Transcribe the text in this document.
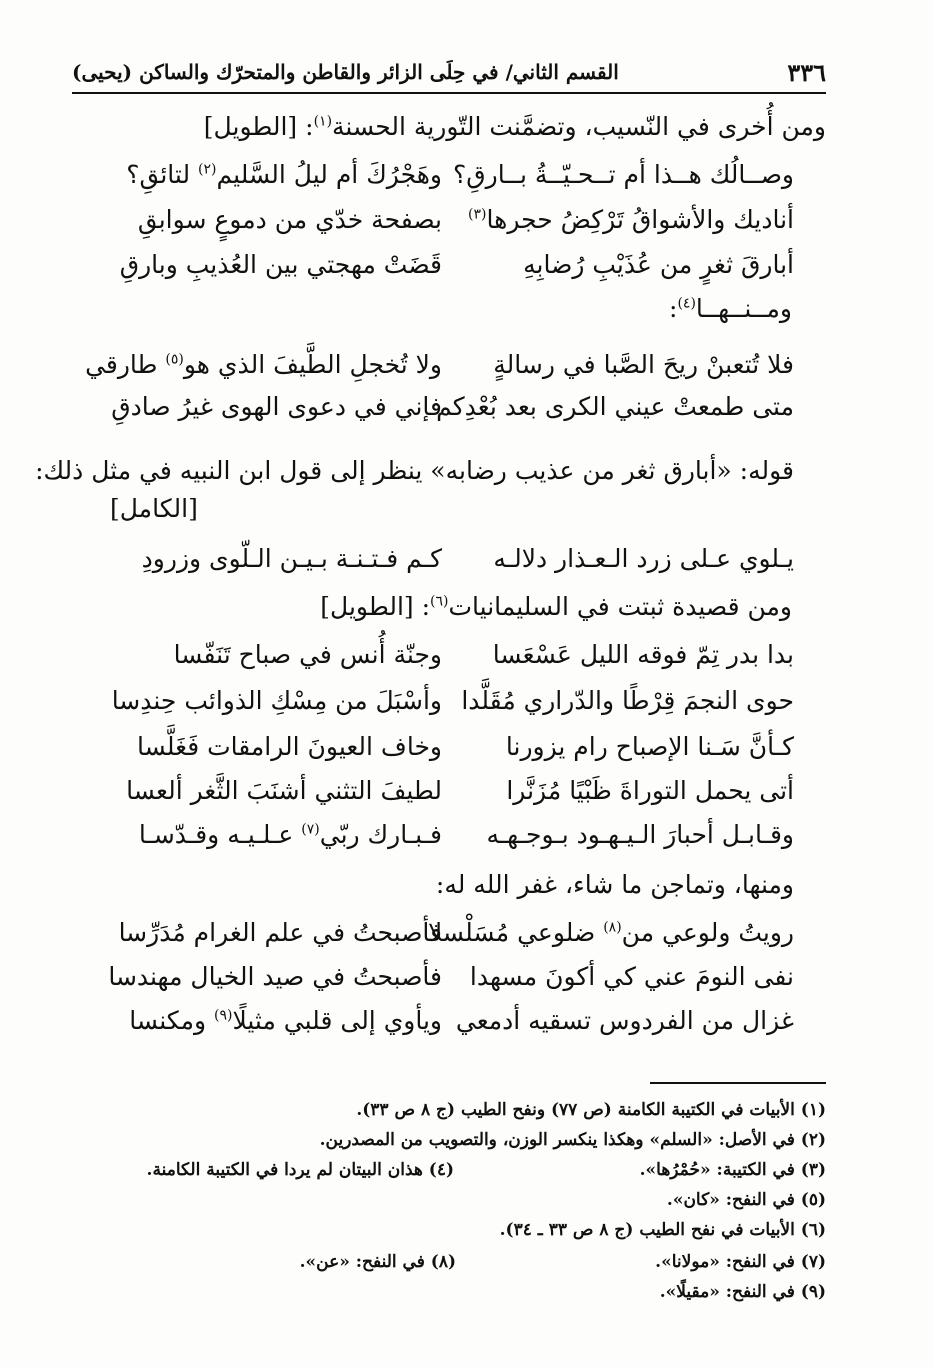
٣٣٦
القسم الثاني/ في حِلَى الزائر والقاطن والمتحرّك والساكن (يحيى)
ومن أُخرى في النّسيب، وتضمَّنت التّورية الحسنة$^{(١)}$: [الطويل]
وصــالُك هــذا أم تــحـيّــةُ بــارقِ؟
وهَجْرُكَ أم ليلُ السَّليم$^{(٢)}$ لتائقِ؟
أناديك والأشواقُ تَرْكِضُ حجرها$^{(٣)}$
بصفحة خدّي من دموعٍ سوابقِ
أبارقَ ثغرٍ من عُذَيْبِ رُضابِهِ
قَضَتْ مهجتي بين العُذيبِ وبارقِ
ومــنــهــا$^{(٤)}$:
فلا تُتعبنْ ريحَ الصَّبا في رسالةٍ
ولا تُخجلِ الطَّيفَ الذي هو$^{(٥)}$ طارقي
متى طمعتْ عيني الكرى بعد بُعْدِكم
فإني في دعوى الهوى غيرُ صادقِ
قوله: «أبارق ثغر من عذيب رضابه» ينظر إلى قول ابن النبيه في مثل ذلك:
[الكامل]
يـلوي عـلى زرد الـعـذار دلالـه
كـم فـتـنـة بـيـن الـلّوى وزرودِ
ومن قصيدة ثبتت في السليمانيات$^{(٦)}$: [الطويل]
بدا بدر تِمّ فوقه الليل عَسْعَسا
وجنّة أُنس في صباح تَنَفّسا
حوى النجمَ قِرْطًا والدّراري مُقَلَّدا
وأسْبَلَ من مِسْكِ الذوائب حِندِسا
كـأنَّ سَـنا الإصباح رام يزورنا
وخاف العيونَ الرامقات فَغَلَّسا
أتى يحمل التوراةَ ظَبْيًا مُزَنَّرا
لطيفَ التثني أشنَبَ الثَّغر ألعسا
وقـابـل أحبارَ الـيـهـود بـوجـهـه
فـبـارك ربّي$^{(٧)}$ عـلـيـه وقـدّسـا
ومنها، وتماجن ما شاء، غفر الله له:
رويتُ ولوعي من$^{(٨)}$ ضلوعي مُسَلْسلا
فأصبحتُ في علم الغرام مُدَرِّسا
نفى النومَ عني كي أكونَ مسهدا
فأصبحتُ في صيد الخيال مهندسا
غزال من الفردوس تسقيه أدمعي
ويأوي إلى قلبي مثيلًا$^{(٩)}$ ومكنسا
(١) الأبيات في الكتيبة الكامنة (ص ٧٧) ونفح الطيب (ج ٨ ص ٣٣).
(٢) في الأصل: «السلم» وهكذا ينكسر الوزن، والتصويب من المصدرين.
(٣) في الكتيبة: «حُمْرُها».
(٤) هذان البيتان لم يردا في الكتيبة الكامنة.
(٥) في النفح: «كان».
(٦) الأبيات في نفح الطيب (ج ٨ ص ٣٣ ـ ٣٤).
(٧) في النفح: «مولانا».
(٨) في النفح: «عن».
(٩) في النفح: «مقيلًا».
